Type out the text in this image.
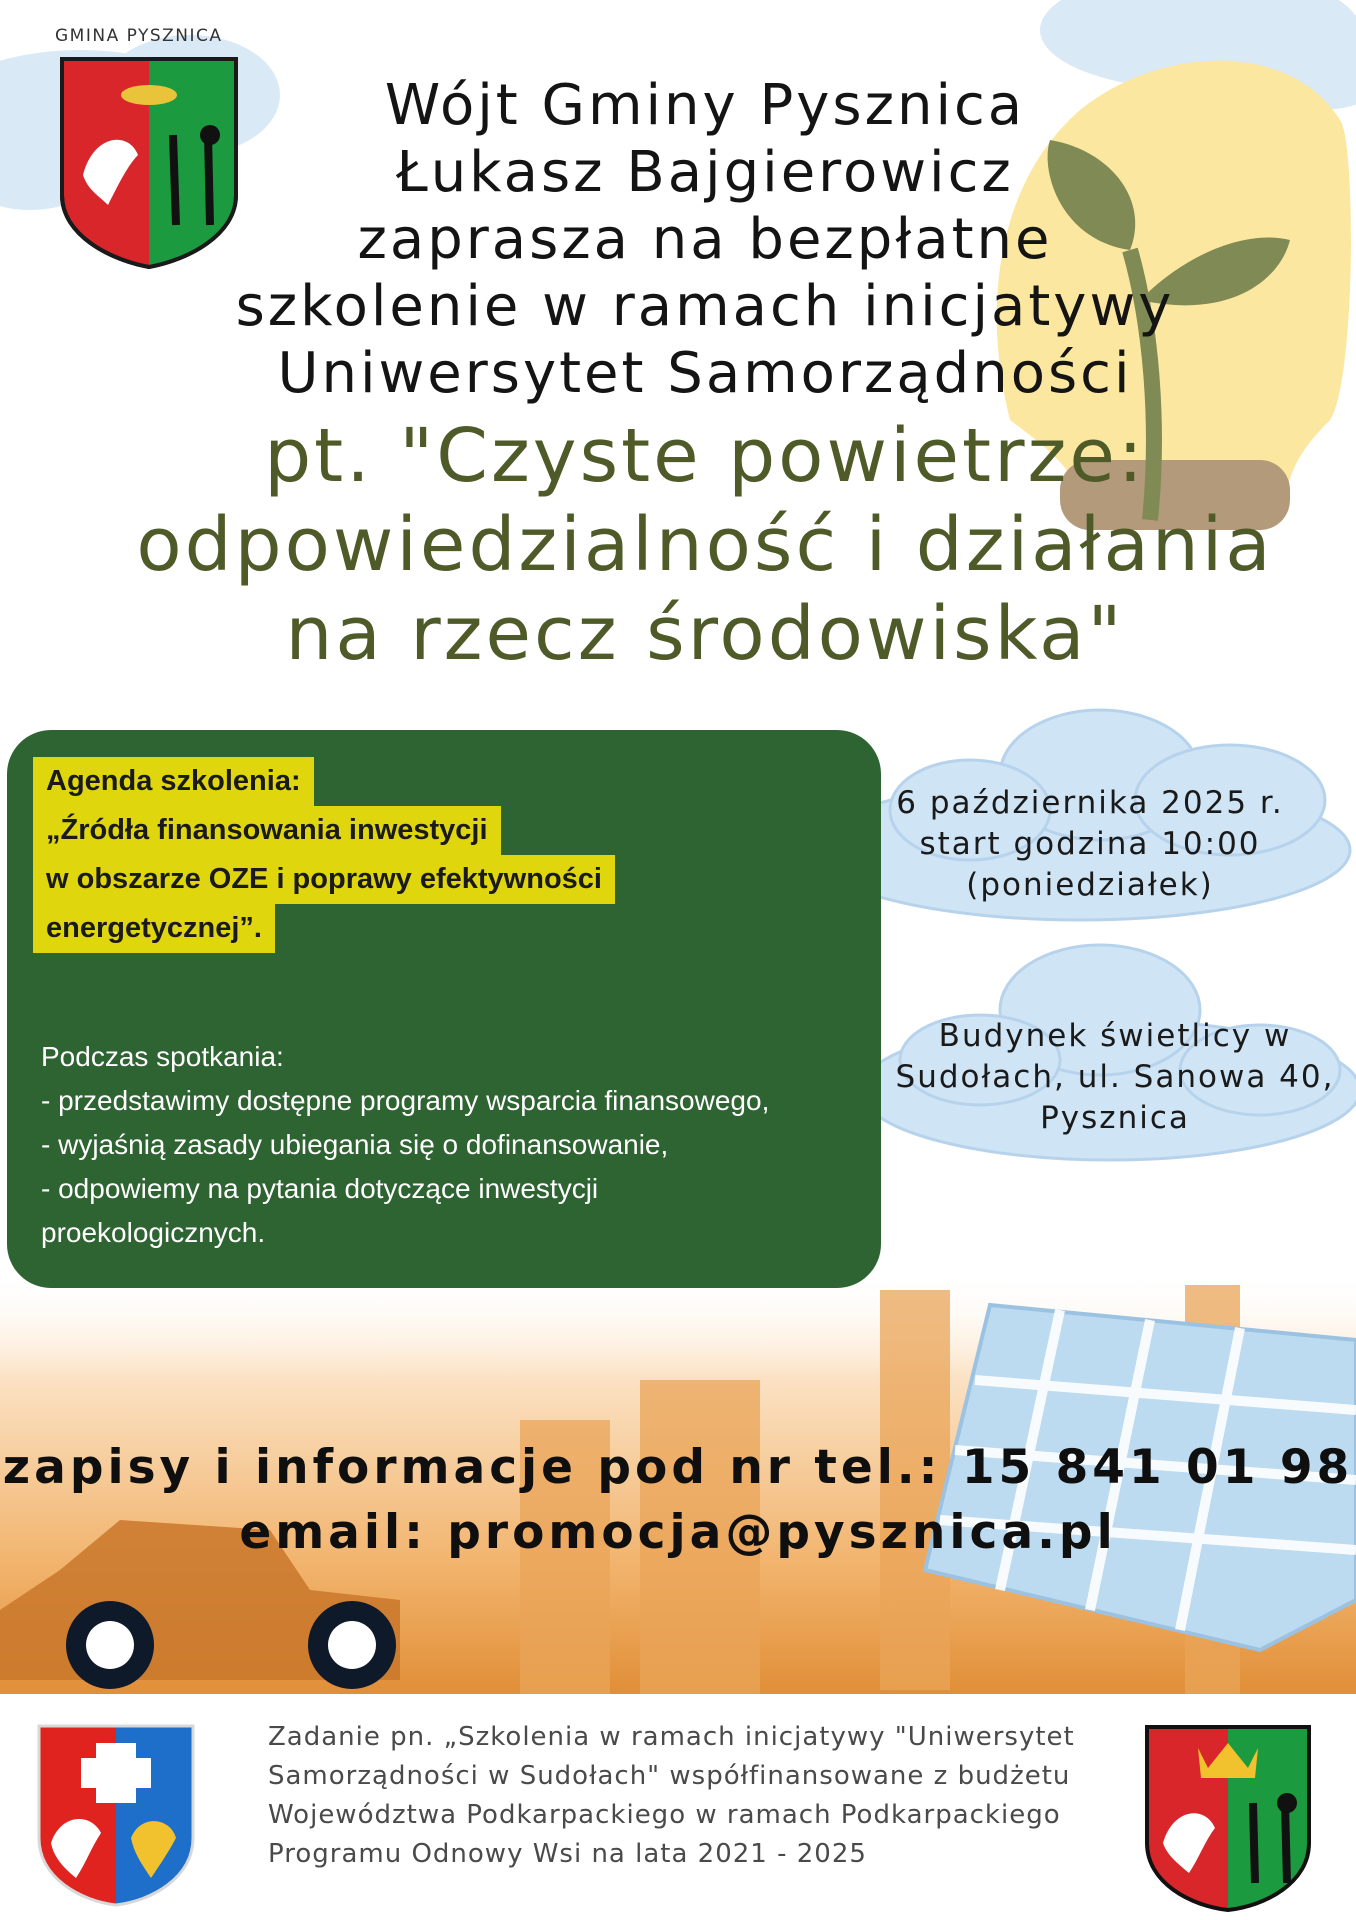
GMINA PYSZNICA
Wójt Gminy Pysznica
Łukasz Bajgierowicz
zaprasza na bezpłatne
szkolenie w ramach inicjatywy
Uniwersytet Samorządności
pt. "Czyste powietrze:
odpowiedzialność i działania
na rzecz środowiska"
Agenda szkolenia:
„Źródła finansowania inwestycji
w obszarze OZE i poprawy efektywności
energetycznej”.
Podczas spotkania:
- przedstawimy dostępne programy wsparcia finansowego,
- wyjaśnią zasady ubiegania się o dofinansowanie,
- odpowiemy na pytania dotyczące inwestycji
proekologicznych.
6 października 2025 r.
start godzina 10:00
(poniedziałek)
Budynek świetlicy w
Sudołach, ul. Sanowa 40,
Pysznica
zapisy i informacje pod nr tel.: 15 841 01 98
email: promocja@pysznica.pl
Zadanie pn. „Szkolenia w ramach inicjatywy "Uniwersytet
Samorządności w Sudołach" współfinansowane z budżetu
Województwa Podkarpackiego w ramach Podkarpackiego
Programu Odnowy Wsi na lata 2021 - 2025
